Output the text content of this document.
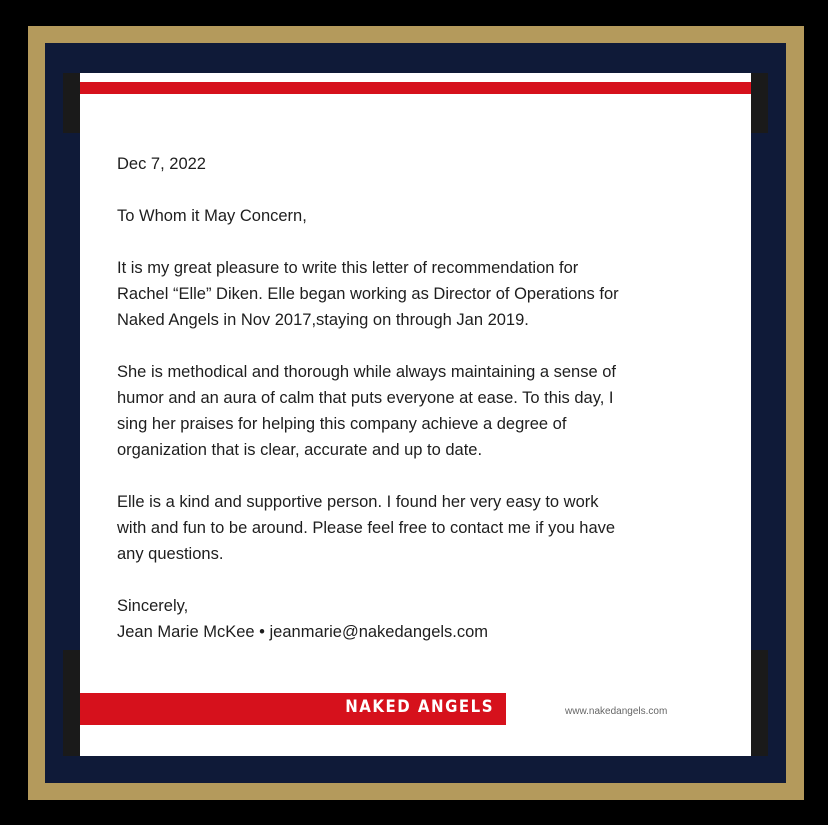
Dec 7, 2022

To Whom it May Concern,

It is my great pleasure to write this letter of recommendation for
Rachel “Elle” Diken. Elle began working as Director of Operations for
Naked Angels in Nov 2017,staying on through Jan 2019.

She is methodical and thorough while always maintaining a sense of
humor and an aura of calm that puts everyone at ease. To this day, I
sing her praises for helping this company achieve a degree of
organization that is clear, accurate and up to date.

Elle is a kind and supportive person. I found her very easy to work
with and fun to be around. Please feel free to contact me if you have
any questions.

Sincerely,

Jean Marie McKee • jeanmarie@nakedangels.com

NAKED ANGELS	www.nakedangels.com
